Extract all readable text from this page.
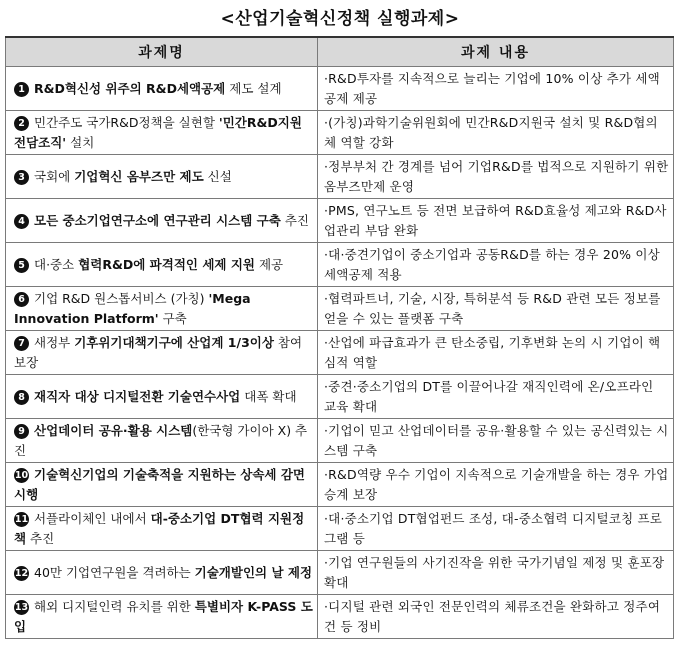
<산업기술혁신정책 실행과제>
과제명	과제 내용
1 R&D혁신성 위주의 R&D세액공제 제도 설계	·R&D투자를 지속적으로 늘리는 기업에 10% 이상 추가 세액공제 제공
2 민간주도 국가R&D정책을 실현할 '민간R&D지원 전담조직' 설치	·(가칭)과학기술위원회에 민간R&D지원국 설치 및 R&D협의체 역할 강화
3 국회에 기업혁신 옴부즈만 제도 신설	·정부부처 간 경계를 넘어 기업R&D를 법적으로 지원하기 위한 옴부즈만제 운영
4 모든 중소기업연구소에 연구관리 시스템 구축 추진	·PMS, 연구노트 등 전면 보급하여 R&D효율성 제고와 R&D사업관리 부담 완화
5 대·중소 협력R&D에 파격적인 세제 지원 제공	·대·중견기업이 중소기업과 공동R&D를 하는 경우 20% 이상 세액공제 적용
6 기업 R&D 원스톱서비스 (가칭) 'Mega Innovation Platform' 구축	·협력파트너, 기술, 시장, 특허분석 등 R&D 관련 모든 정보를 얻을 수 있는 플랫폼 구축
7 새정부 기후위기대책기구에 산업계 1/3이상 참여 보장	·산업에 파급효과가 큰 탄소중립, 기후변화 논의 시 기업이 핵심적 역할
8 재직자 대상 디지털전환 기술연수사업 대폭 확대	·중견·중소기업의 DT를 이끌어나갈 재직인력에 온/오프라인 교육 확대
9 산업데이터 공유·활용 시스템(한국형 가이아 X) 추진	·기업이 믿고 산업데이터를 공유·활용할 수 있는 공신력있는 시스템 구축
10 기술혁신기업의 기술축적을 지원하는 상속세 감면 시행	·R&D역량 우수 기업이 지속적으로 기술개발을 하는 경우 가업승계 보장
11 서플라이체인 내에서 대-중소기업 DT협력 지원정책 추진	·대·중소기업 DT협업펀드 조성, 대-중소협력 디지털코칭 프로그램 등
12 40만 기업연구원을 격려하는 기술개발인의 날 제정	·기업 연구원들의 사기진작을 위한 국가기념일 제정 및 훈포장 확대
13 해외 디지털인력 유치를 위한 특별비자 K-PASS 도입	·디지털 관련 외국인 전문인력의 체류조건을 완화하고 정주여건 등 정비
